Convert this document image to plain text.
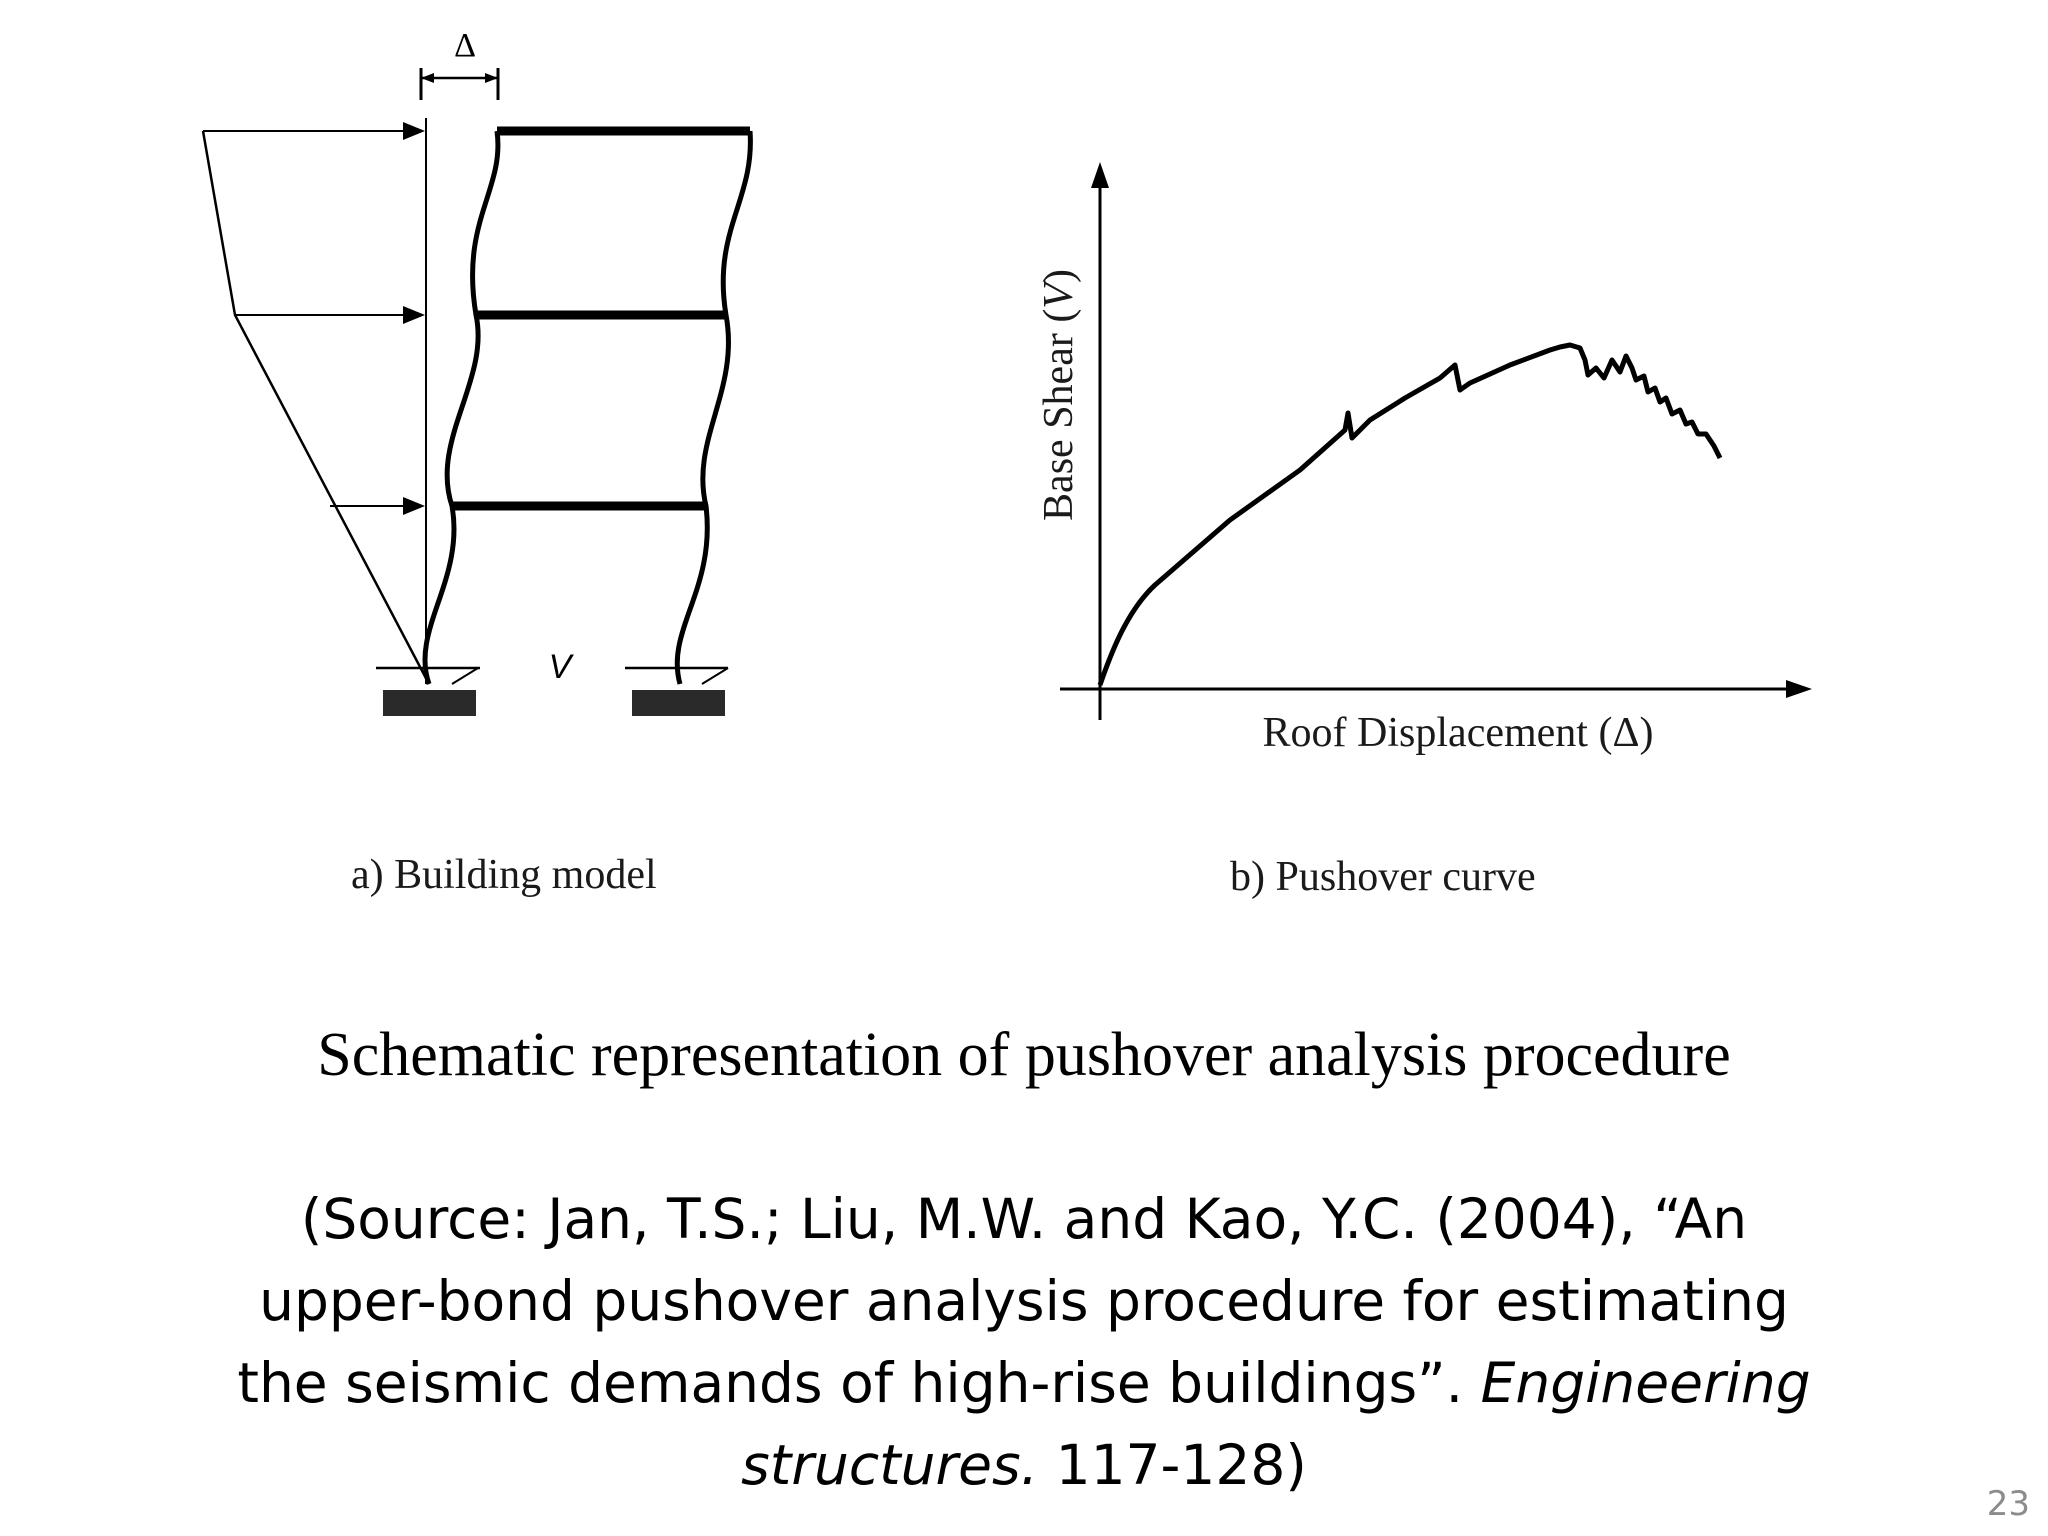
Δ
V
a) Building model
Base Shear (V)
Roof Displacement (Δ)
b) Pushover curve
Schematic representation of pushover analysis procedure
(Source: Jan, T.S.; Liu, M.W. and Kao, Y.C. (2004), “An upper-bond pushover analysis procedure for estimating the seismic demands of high-rise buildings”. Engineering structures. 117-128)
23
